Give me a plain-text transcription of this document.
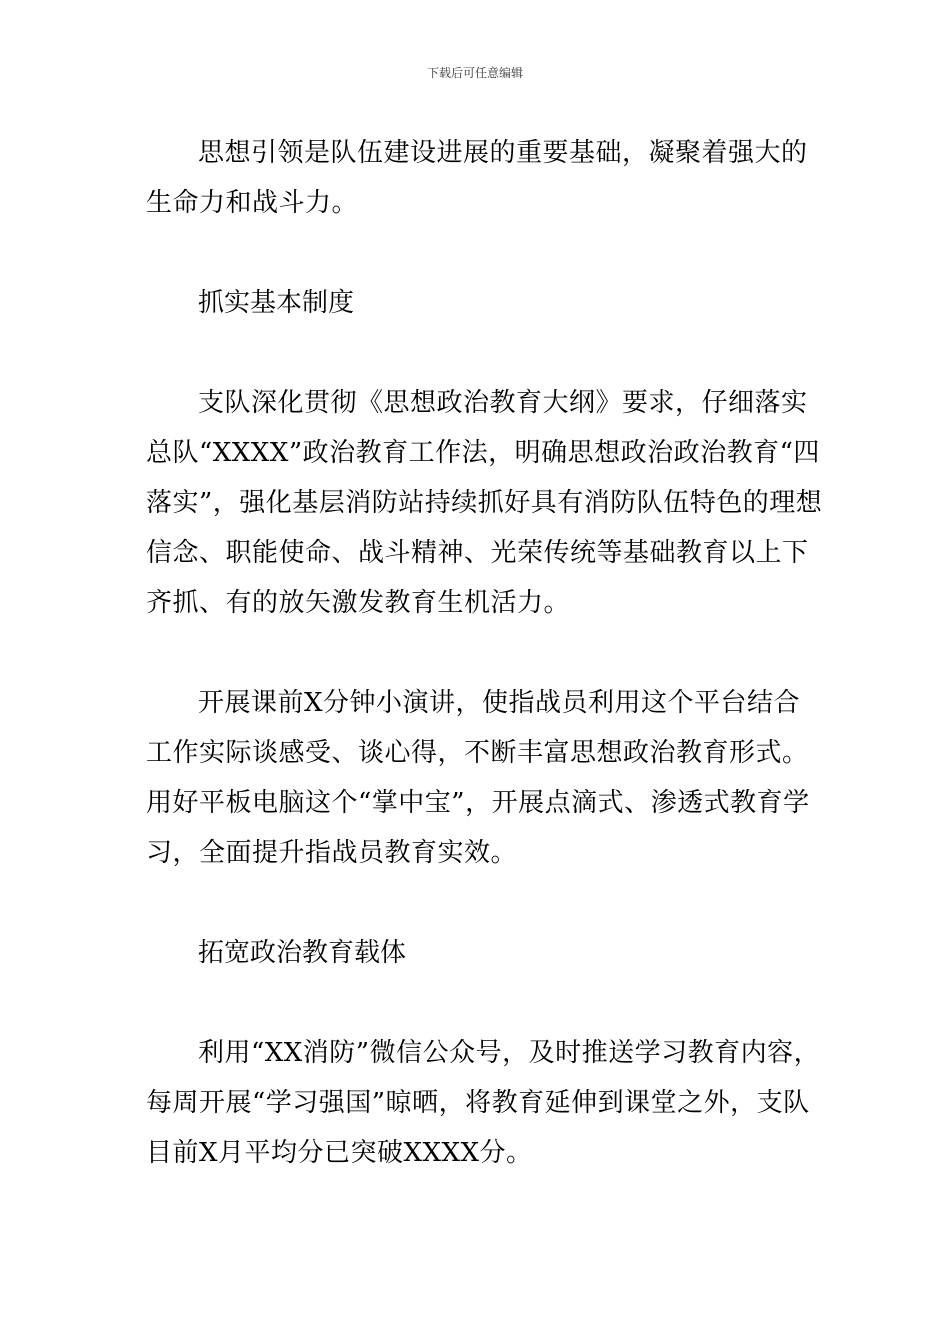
下载后可任意编辑

思想引领是队伍建设进展的重要基础，凝聚着强大的生命力和战斗力。

抓实基本制度

支队深化贯彻《思想政治教育大纲》要求，仔细落实总队“XXXX”政治教育工作法，明确思想政治政治教育“四落实”，强化基层消防站持续抓好具有消防队伍特色的理想信念、职能使命、战斗精神、光荣传统等基础教育以上下齐抓、有的放矢激发教育生机活力。

开展课前X分钟小演讲，使指战员利用这个平台结合工作实际谈感受、谈心得，不断丰富思想政治教育形式。用好平板电脑这个“掌中宝”，开展点滴式、渗透式教育学习，全面提升指战员教育实效。

拓宽政治教育载体

利用“XX消防”微信公众号，及时推送学习教育内容，每周开展“学习强国”晾晒，将教育延伸到课堂之外，支队目前X月平均分已突破XXXX分。
